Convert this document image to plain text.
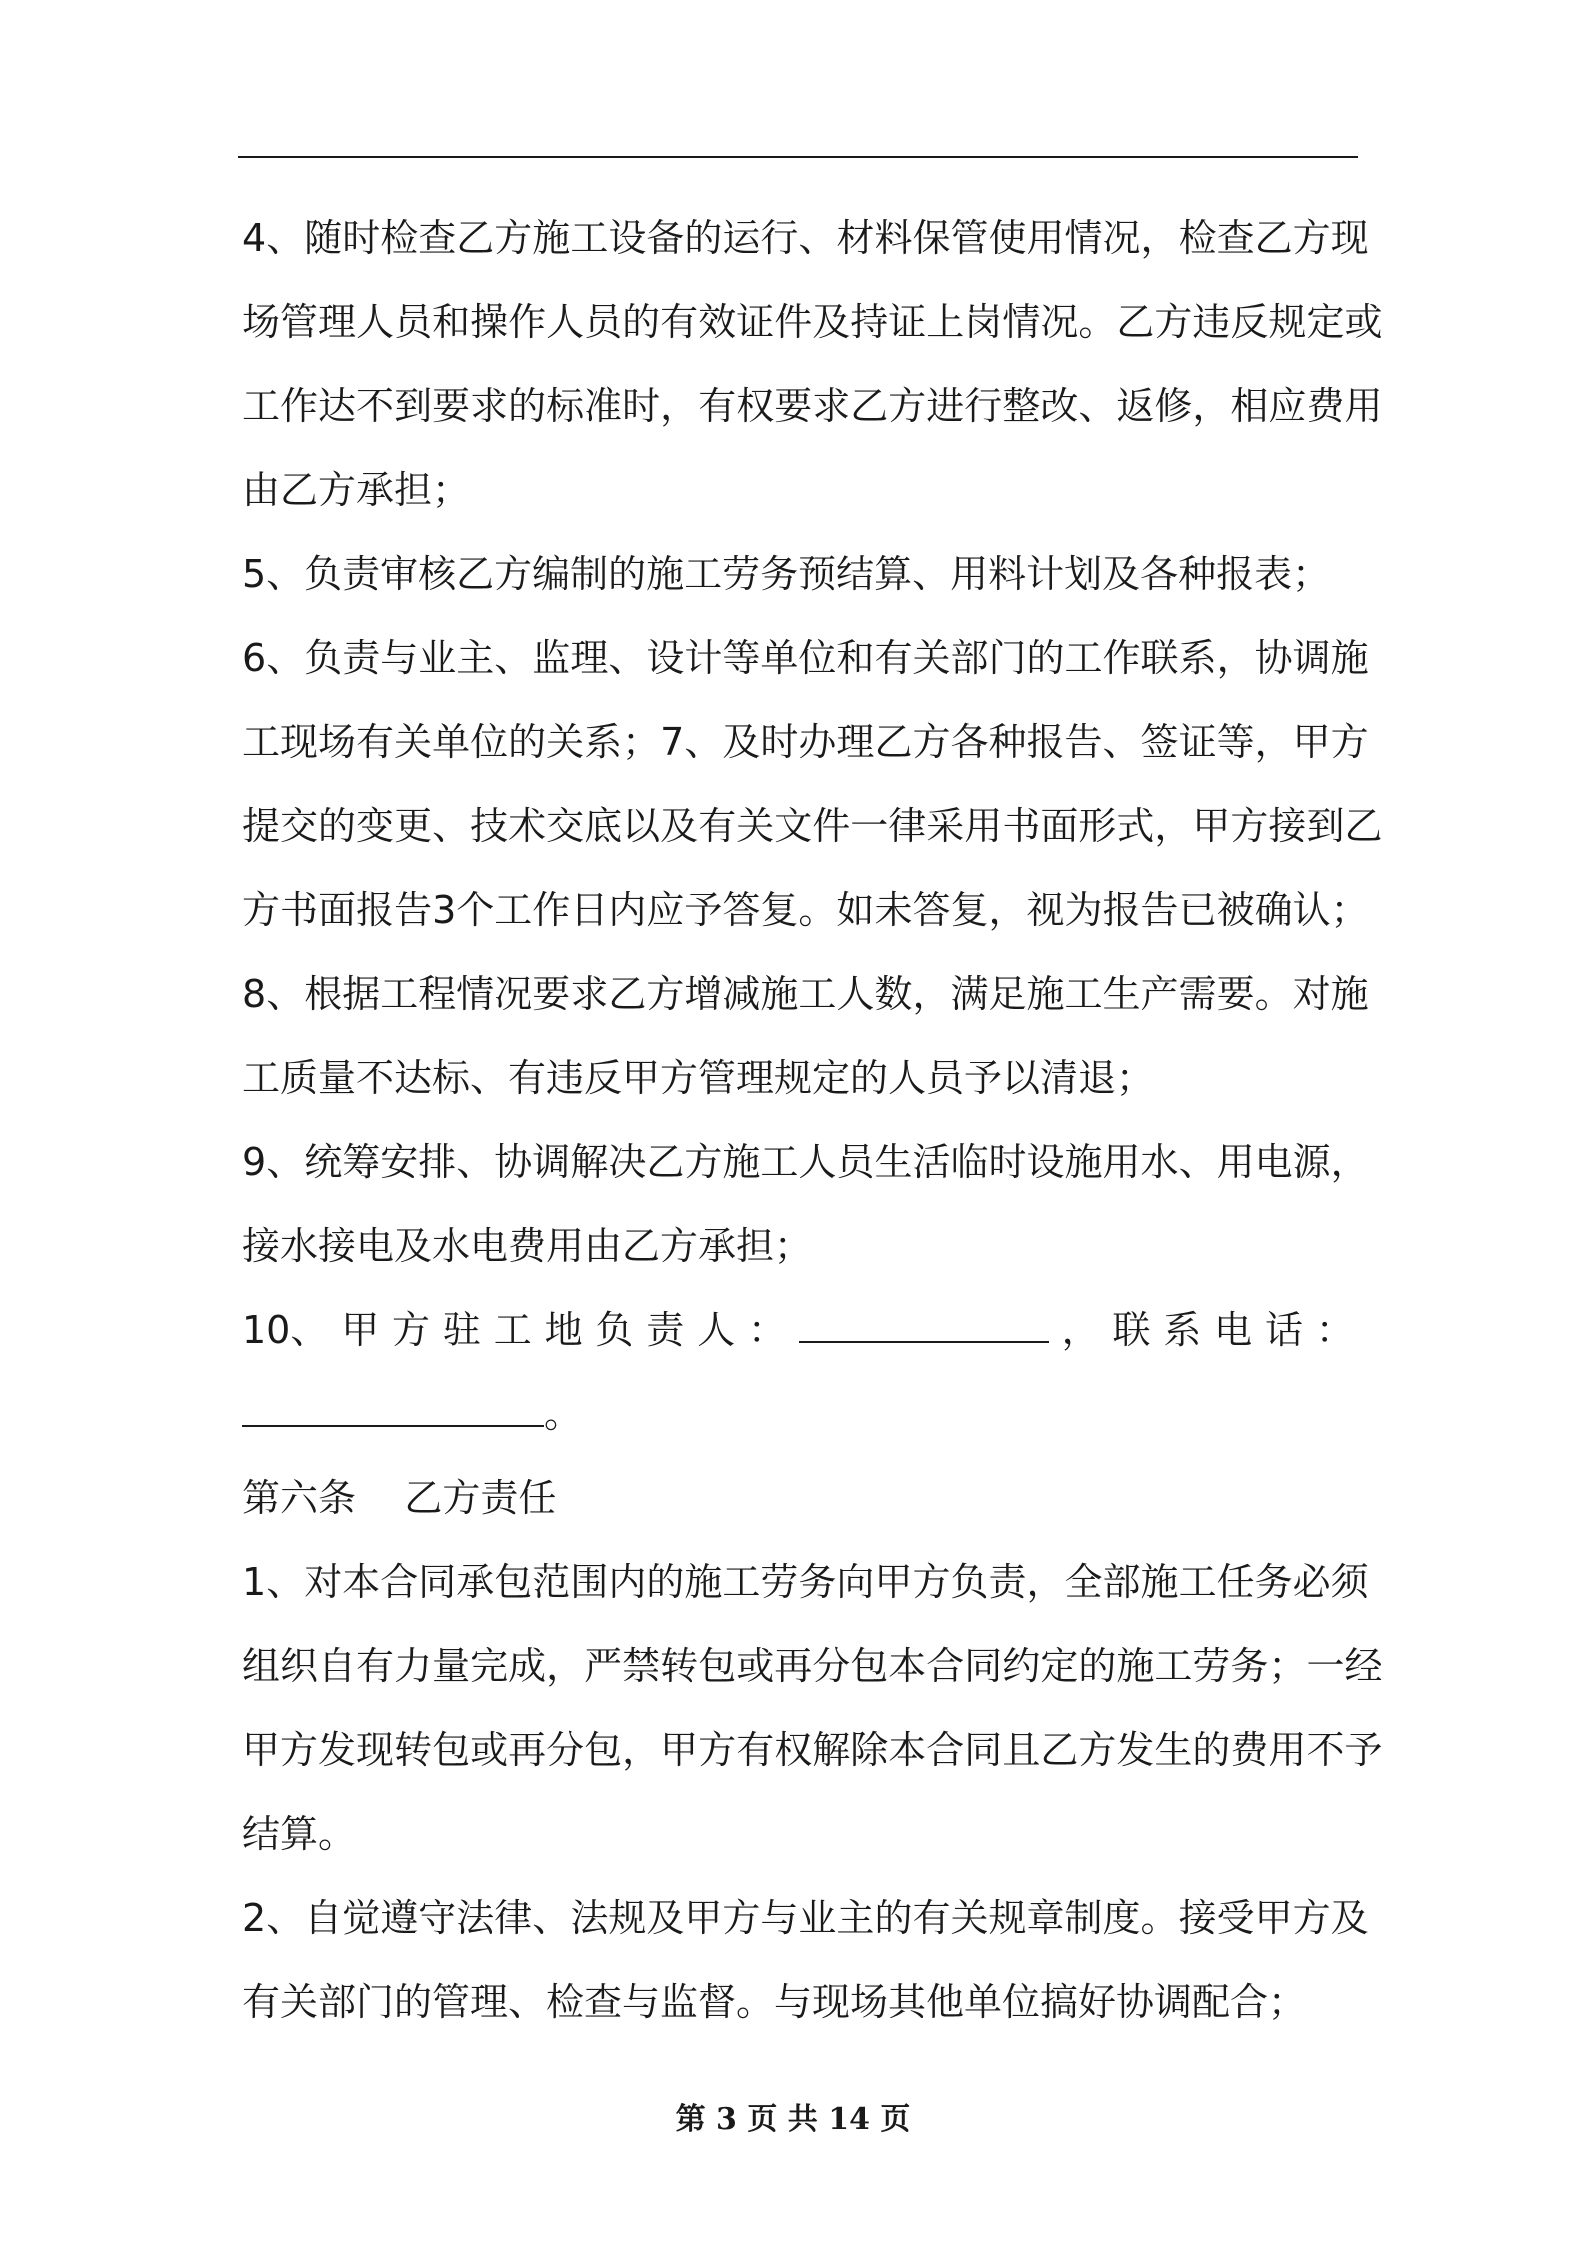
4 、 随 时 检 查 乙 方 施 工 设 备 的 运 行 、 材 料 保 管 使 用 情 况 ， 检 查 乙 方 现
场 管 理 人 员 和 操 作 人 员 的 有 效 证 件 及 持 证 上 岗 情 况 。 乙 方 违 反 规 定 或
工 作 达 不 到 要 求 的 标 准 时 ， 有 权 要 求 乙 方 进 行 整 改 、 返 修 ， 相 应 费 用
由乙方承担；
5、负责审核乙方编制的施工劳务预结算、用料计划及各种报表；
6 、 负 责 与 业 主 、 监 理 、 设 计 等 单 位 和 有 关 部 门 的 工 作 联 系 ， 协 调 施
工 现 场 有 关 单 位 的 关 系 ； 7 、 及 时 办 理 乙 方 各 种 报 告 、 签 证 等 ， 甲 方
提 交 的 变 更 、 技 术 交 底 以 及 有 关 文 件 一 律 采 用 书 面 形 式 ， 甲 方 接 到 乙
方 书 面 报 告 3 个 工 作 日 内 应 予 答 复 。 如 未 答 复 ， 视 为 报 告 已 被 确 认 ；
8 、 根 据 工 程 情 况 要 求 乙 方 增 减 施 工 人 数 ， 满 足 施 工 生 产 需 要 。 对 施
工质量不达标、有违反甲方管理规定的人员予以清退；
9 、 统 筹 安 排 、 协 调 解 决 乙 方 施 工 人 员 生 活 临 时 设 施 用 水 、 用 电 源 ，
接水接电及水电费用由乙方承担；
10、 甲 方 驻 工 地 负 责 人 ：	， 联 系 电 话 ：
。
第六条 乙方责任
1 、 对 本 合 同 承 包 范 围 内 的 施 工 劳 务 向 甲 方 负 责 ， 全 部 施 工 任 务 必 须
组 织 自 有 力 量 完 成 ， 严 禁 转 包 或 再 分 包 本 合 同 约 定 的 施 工 劳 务 ； 一 经
甲 方 发 现 转 包 或 再 分 包 ， 甲 方 有 权 解 除 本 合 同 且 乙 方 发 生 的 费 用 不 予
结算。
2 、 自 觉 遵 守 法 律 、 法 规 及 甲 方 与 业 主 的 有 关 规 章 制 度 。 接 受 甲 方 及
有关部门的管理、检查与监督。与现场其他单位搞好协调配合；
第 3 页 共 14 页
